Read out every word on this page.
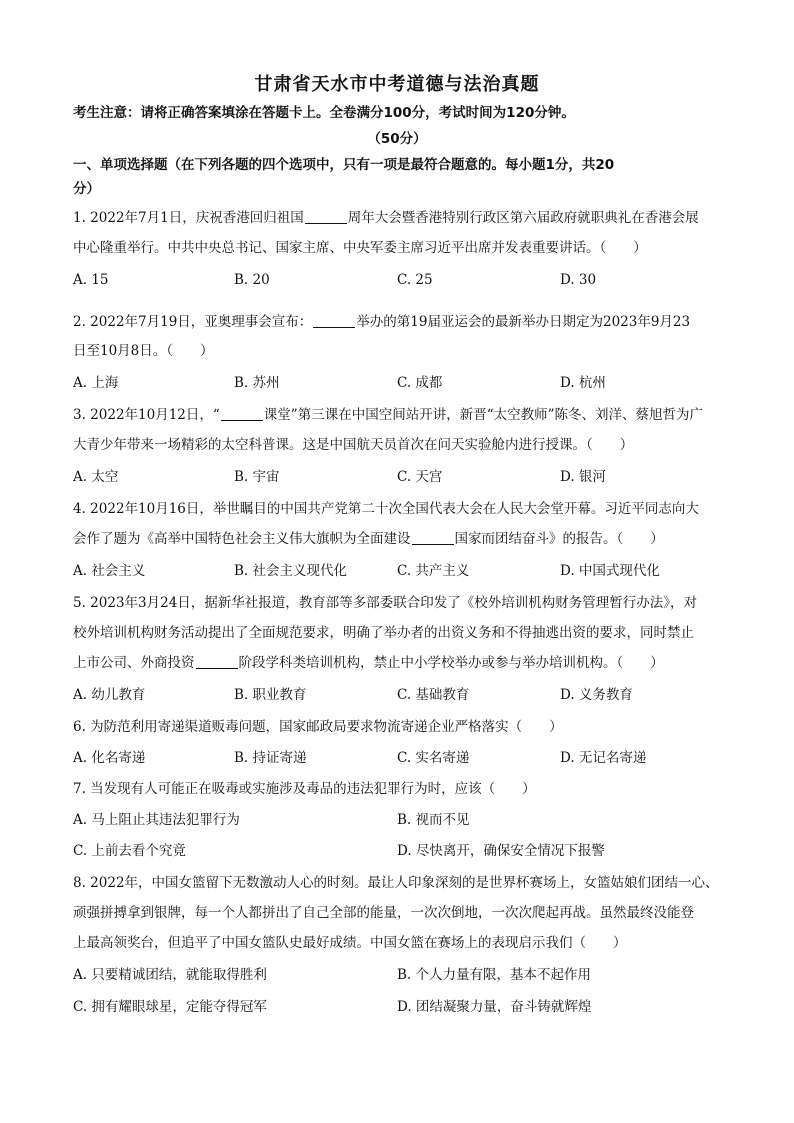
甘肃省天水市中考道德与法治真题
考生注意：请将正确答案填涂在答题卡上。全卷满分100分，考试时间为120分钟。
（50分）
一、单项选择题（在下列各题的四个选项中，只有一项是最符合题意的。每小题1分，共20
分）
1. 2022年7月1日，庆祝香港回归祖国	周年大会暨香港特别行政区第六届政府就职典礼在香港会展
中心隆重举行。中共中央总书记、国家主席、中央军委主席习近平出席并发表重要讲话。（　　）
A. 15	B. 20	C. 25	D. 30
2. 2022年7月19日，亚奥理事会宣布：	举办的第19届亚运会的最新举办日期定为2023年9月23
日至10月8日。（　　）
A. 上海	B. 苏州	C. 成都	D. 杭州
3. 2022年10月12日，“	课堂”第三课在中国空间站开讲，新晋“太空教师”陈冬、刘洋、蔡旭哲为广
大青少年带来一场精彩的太空科普课。这是中国航天员首次在问天实验舱内进行授课。（　　）
A. 太空	B. 宇宙	C. 天宫	D. 银河
4. 2022年10月16日，举世瞩目的中国共产党第二十次全国代表大会在人民大会堂开幕。习近平同志向大
会作了题为《高举中国特色社会主义伟大旗帜为全面建设	国家而团结奋斗》的报告。（　　）
A. 社会主义	B. 社会主义现代化	C. 共产主义	D. 中国式现代化
5. 2023年3月24日，据新华社报道，教育部等多部委联合印发了《校外培训机构财务管理暂行办法》，对
校外培训机构财务活动提出了全面规范要求，明确了举办者的出资义务和不得抽逃出资的要求，同时禁止
上市公司、外商投资	阶段学科类培训机构，禁止中小学校举办或参与举办培训机构。（　　）
A. 幼儿教育	B. 职业教育	C. 基础教育	D. 义务教育
6. 为防范利用寄递渠道贩毒问题，国家邮政局要求物流寄递企业严格落实（　　）
A. 化名寄递	B. 持证寄递	C. 实名寄递	D. 无记名寄递
7. 当发现有人可能正在吸毒或实施涉及毒品的违法犯罪行为时，应该（　　）
A. 马上阻止其违法犯罪行为	B. 视而不见
C. 上前去看个究竟	D. 尽快离开，确保安全情况下报警
8. 2022年，中国女篮留下无数激动人心的时刻。最让人印象深刻的是世界杯赛场上，女篮姑娘们团结一心、
顽强拼搏拿到银牌，每一个人都拼出了自己全部的能量，一次次倒地，一次次爬起再战。虽然最终没能登
上最高领奖台，但追平了中国女篮队史最好成绩。中国女篮在赛场上的表现启示我们（　　）
A. 只要精诚团结，就能取得胜利	B. 个人力量有限，基本不起作用
C. 拥有耀眼球星，定能夺得冠军	D. 团结凝聚力量，奋斗铸就辉煌
